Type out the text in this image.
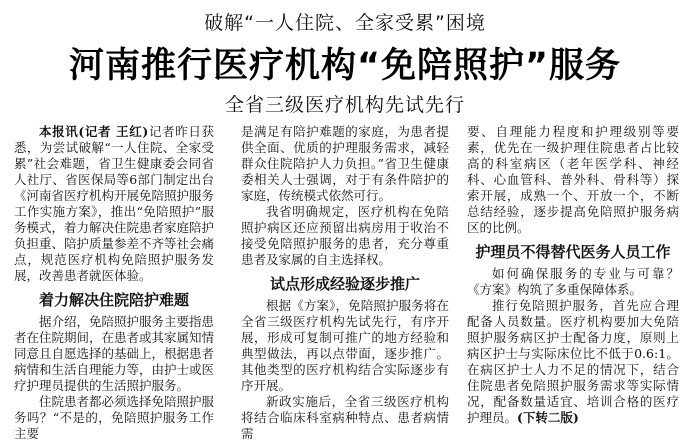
破解“一人住院、全家受累”困境
河南推行医疗机构“免陪照护”服务
全省三级医疗机构先试先行

本报讯(记者 王红)记者昨日获悉，为尝试破解“一人住院、全家受累”社会难题，省卫生健康委会同省人社厅、省医保局等6部门制定出台《河南省医疗机构开展免陪照护服务工作实施方案》，推出“免陪照护”服务模式，着力解决住院患者家庭陪护负担重、陪护质量参差不齐等社会痛点，规范医疗机构免陪照护服务发展，改善患者就医体验。

着力解决住院陪护难题

据介绍，免陪照护服务主要指患者在住院期间，在患者或其家属知情同意且自愿选择的基础上，根据患者病情和生活自理能力等，由护士或医疗护理员提供的生活照护服务。

住院患者都必须选择免陪照护服务吗？“不是的，免陪照护服务工作主要

是满足有陪护难题的家庭，为患者提供全面、优质的护理服务需求，减轻群众住院陪护人力负担。”省卫生健康委相关人士强调，对于有条件陪护的家庭，传统模式依然可行。

我省明确规定，医疗机构在免陪照护病区还应预留出病房用于收治不接受免陪照护服务的患者，充分尊重患者及家属的自主选择权。

试点形成经验逐步推广

根据《方案》，免陪照护服务将在全省三级医疗机构先试先行，有序开展，形成可复制可推广的地方经验和典型做法，再以点带面，逐步推广。其他类型的医疗机构结合实际逐步有序开展。

新政实施后，全省三级医疗机构将结合临床科室病种特点、患者病情需

要、自理能力程度和护理级别等要素，优先在一级护理住院患者占比较高的科室病区（老年医学科、神经科、心血管科、普外科、骨科等）探索开展，成熟一个、开放一个，不断总结经验，逐步提高免陪照护服务病区的比例。

护理员不得替代医务人员工作

如何确保服务的专业与可靠？《方案》构筑了多重保障体系。

推行免陪照护服务，首先应合理配备人员数量。医疗机构要加大免陪照护服务病区护士配备力度，原则上病区护士与实际床位比不低于0.6:1。在病区护士人力不足的情况下，结合住院患者免陪照护服务需求等实际情况，配备数量适宜、培训合格的医疗护理员。(下转二版)
